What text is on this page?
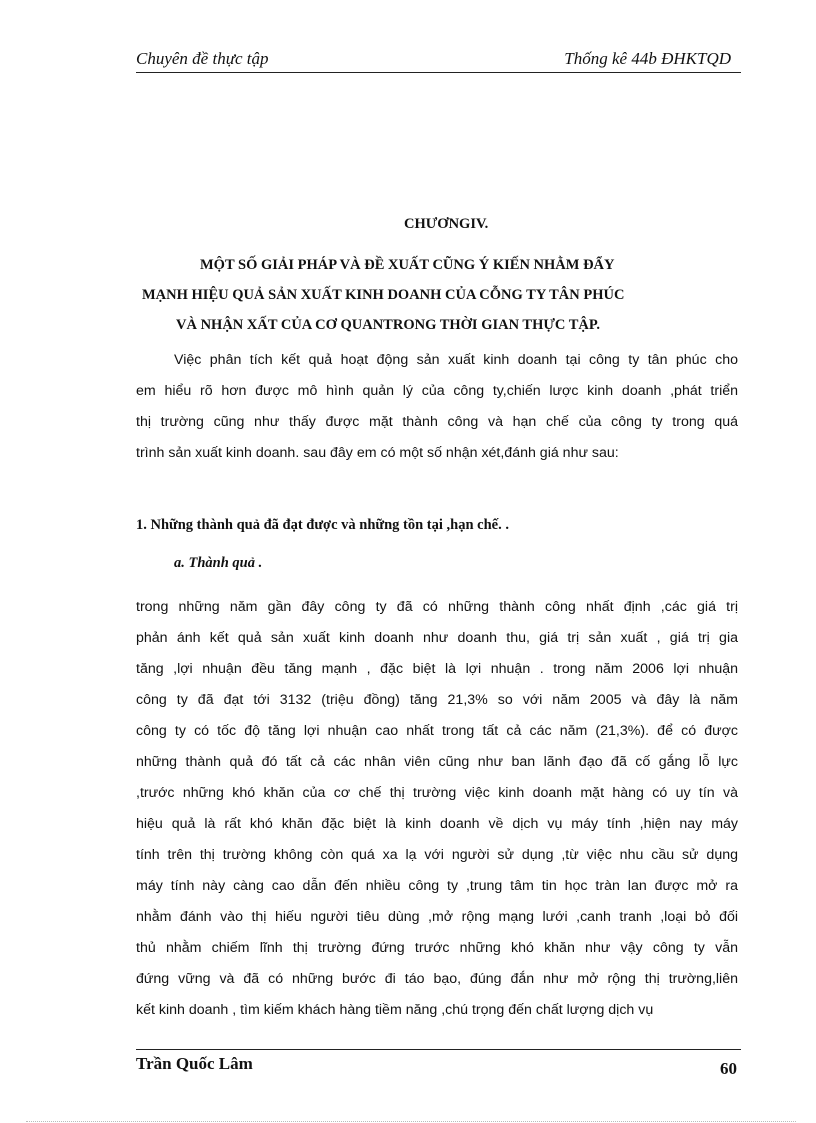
Chuyên đề thực tập	Thống kê 44b ĐHKTQD
CHƯƠNGIV.
MỘT SỐ GIẢI PHÁP VÀ ĐỀ XUẤT CŨNG Ý KIẾN NHẰM ĐẨY
MẠNH HIỆU QUẢ SẢN XUẤT KINH DOANH CỦA CỖNG TY TÂN PHÚC
VÀ NHẬN XẤT CỦA CƠ QUANTRONG THỜI GIAN THỰC TẬP.
Việc phân tích kết quả hoạt động sản xuất kinh doanh tại công ty tân phúc cho
em hiểu rõ hơn được mô hình quản lý của công ty,chiến lược kinh doanh ,phát triển
thị trường cũng như thấy được mặt thành công và hạn chế của công ty trong quá
trình sản xuất kinh doanh. sau đây em có một số nhận xét,đánh giá như sau:
1. Những thành quả đã đạt được và những tồn tại ,hạn chế. .
a. Thành quả .
trong những năm gần đây công ty đã có những thành công nhất định ,các giá trị
phản ánh kết quả sản xuất kinh doanh như doanh thu, giá trị sản xuất , giá trị gia
tăng ,lợi nhuận đều tăng mạnh , đặc biệt là lợi nhuận . trong năm 2006 lợi nhuận
công ty đã đạt tới 3132 (triệu đồng) tăng 21,3% so với năm 2005 và đây là năm
công ty có tốc độ tăng lợi nhuận cao nhất trong tất cả các năm (21,3%). để có được
những thành quả đó tất cả các nhân viên cũng như ban lãnh đạo đã cố gắng lỗ lực
,trước những khó khăn của cơ chế thị trường việc kinh doanh mặt hàng có uy tín và
hiệu quả là rất khó khăn đặc biệt là kinh doanh về dịch vụ máy tính ,hiện nay máy
tính trên thị trường không còn quá xa lạ với người sử dụng ,từ việc nhu cầu sử dụng
máy tính này càng cao dẫn đến nhiều công ty ,trung tâm tin học tràn lan được mở ra
nhằm đánh vào thị hiếu người tiêu dùng ,mở rộng mạng lưới ,canh tranh ,loại bỏ đối
thủ nhằm chiếm lĩnh thị trường đứng trước những khó khăn như vậy công ty vẫn
đứng vững và đã có những bước đi táo bạo, đúng đắn như mở rộng thị trường,liên
kết kinh doanh , tìm kiếm khách hàng tiềm năng ,chú trọng đến chất lượng dịch vụ
Trần Quốc Lâm	60
